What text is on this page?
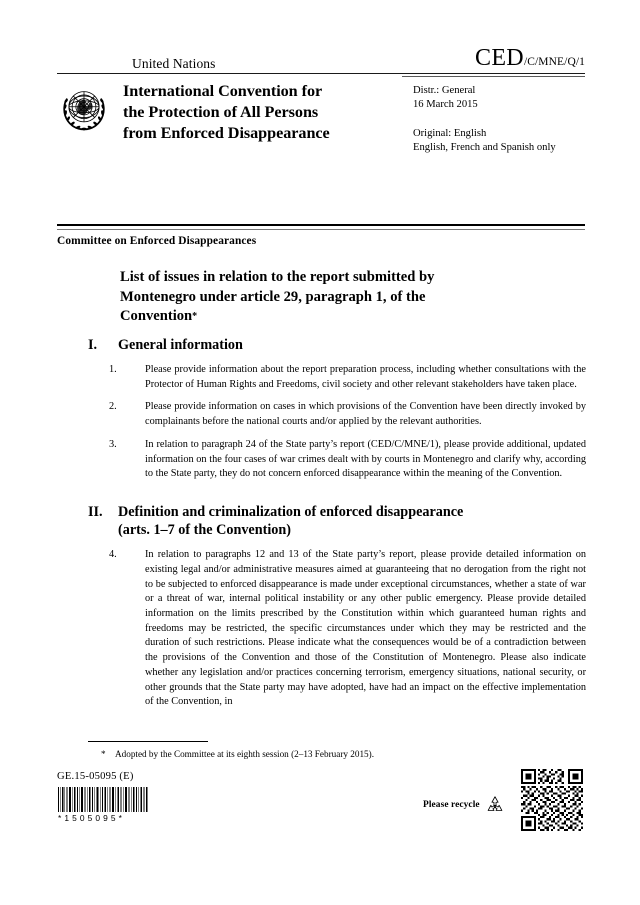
United Nations	CED/C/MNE/Q/1
International Convention for
the Protection of All Persons
from Enforced Disappearance
Distr.: General
16 March 2015
Original: English
English, French and Spanish only
Committee on Enforced Disappearances
List of issues in relation to the report submitted by
Montenegro under article 29, paragraph 1, of the
Convention*
I.	General information
1.	Please provide information about the report preparation process, including whether consultations with the Protector of Human Rights and Freedoms, civil society and other relevant stakeholders have taken place.
2.	Please provide information on cases in which provisions of the Convention have been directly invoked by complainants before the national courts and/or applied by the relevant authorities.
3.	In relation to paragraph 24 of the State party’s report (CED/C/MNE/1), please provide additional, updated information on the four cases of war crimes dealt with by courts in Montenegro and clarify why, according to the State party, they do not concern enforced disappearance within the meaning of the Convention.
II.	Definition and criminalization of enforced disappearance
(arts. 1–7 of the Convention)
4.	In relation to paragraphs 12 and 13 of the State party’s report, please provide detailed information on existing legal and/or administrative measures aimed at guaranteeing that no derogation from the right not to be subjected to enforced disappearance is made under exceptional circumstances, whether a state of war or a threat of war, internal political instability or any other public emergency. Please provide detailed information on the limits prescribed by the Constitution within which guaranteed human rights and freedoms may be restricted, the specific circumstances under which they may be restricted and the duration of such restrictions. Please indicate what the consequences would be of a contradiction between the provisions of the Convention and those of the Constitution of Montenegro. Please also indicate whether any legislation and/or practices concerning terrorism, emergency situations, national security, or other grounds that the State party may have adopted, have had an impact on the effective implementation of the Convention, in
* Adopted by the Committee at its eighth session (2–13 February 2015).
GE.15-05095 (E)
*1505095*
Please recycle
